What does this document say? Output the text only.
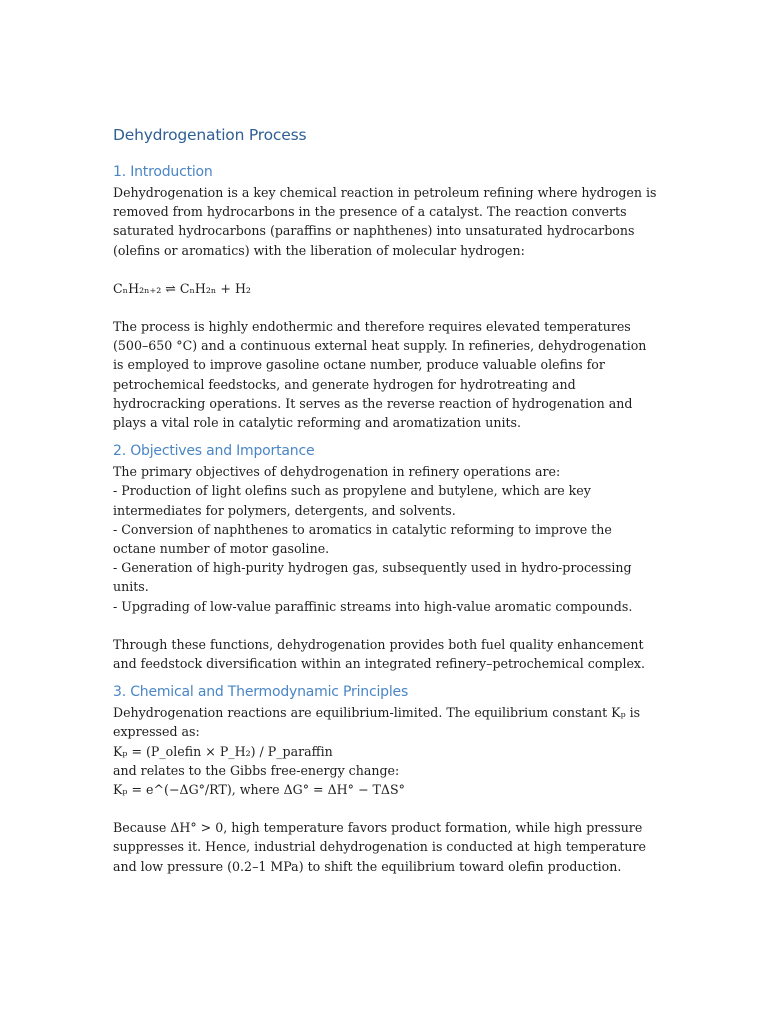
Dehydrogenation Process
1. Introduction

Dehydrogenation is a key chemical reaction in petroleum refining where hydrogen is removed from hydrocarbons in the presence of a catalyst. The reaction converts saturated hydrocarbons (paraffins or naphthenes) into unsaturated hydrocarbons (olefins or aromatics) with the liberation of molecular hydrogen:

CₙH₂ₙ₊₂ ⇌ CₙH₂ₙ + H₂

The process is highly endothermic and therefore requires elevated temperatures (500–650 °C) and a continuous external heat supply. In refineries, dehydrogenation is employed to improve gasoline octane number, produce valuable olefins for petrochemical feedstocks, and generate hydrogen for hydrotreating and hydrocracking operations. It serves as the reverse reaction of hydrogenation and plays a vital role in catalytic reforming and aromatization units.

2. Objectives and Importance

The primary objectives of dehydrogenation in refinery operations are:

- Production of light olefins such as propylene and butylene, which are key intermediates for polymers, detergents, and solvents.

- Conversion of naphthenes to aromatics in catalytic reforming to improve the octane number of motor gasoline.

- Generation of high-purity hydrogen gas, subsequently used in hydro-processing units.

- Upgrading of low-value paraffinic streams into high-value aromatic compounds.

Through these functions, dehydrogenation provides both fuel quality enhancement and feedstock diversification within an integrated refinery–petrochemical complex.

3. Chemical and Thermodynamic Principles

Dehydrogenation reactions are equilibrium-limited. The equilibrium constant Kₚ is expressed as:

Kₚ = (P_olefin × P_H₂) / P_paraffin

and relates to the Gibbs free-energy change:

Kₚ = e^(−ΔG°/RT), where ΔG° = ΔH° − TΔS°

Because ΔH° > 0, high temperature favors product formation, while high pressure suppresses it. Hence, industrial dehydrogenation is conducted at high temperature and low pressure (0.2–1 MPa) to shift the equilibrium toward olefin production.
